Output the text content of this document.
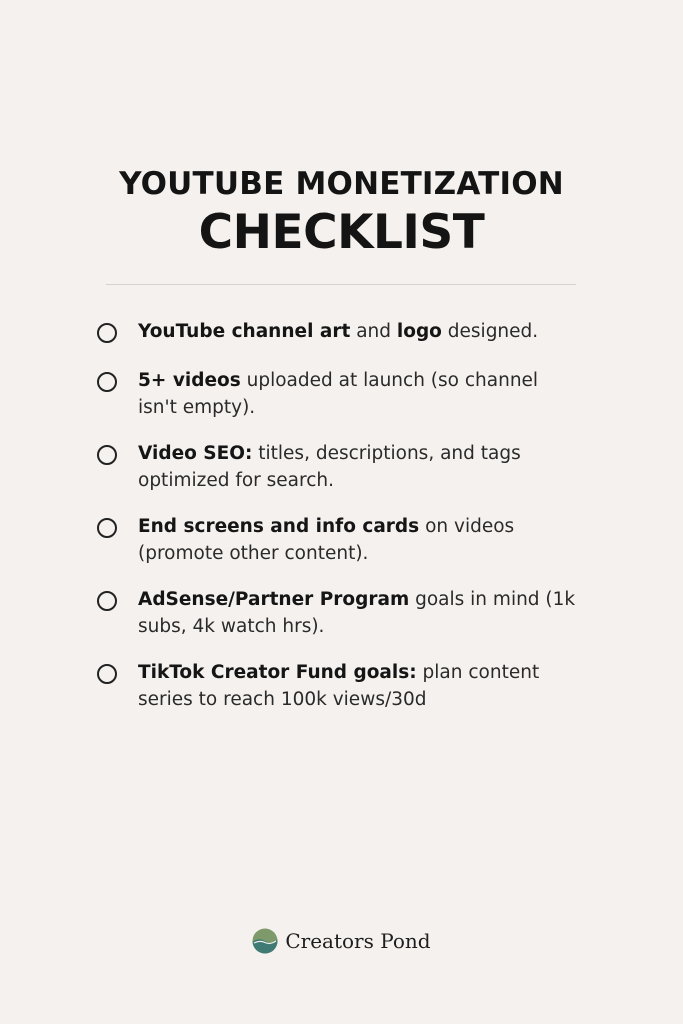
YOUTUBE MONETIZATION
CHECKLIST
YouTube channel art and logo designed.
5+ videos uploaded at launch (so channel isn't empty).
Video SEO: titles, descriptions, and tags optimized for search.
End screens and info cards on videos (promote other content).
AdSense/Partner Program goals in mind (1k subs, 4k watch hrs).
TikTok Creator Fund goals: plan content series to reach 100k views/30d
Creators Pond
